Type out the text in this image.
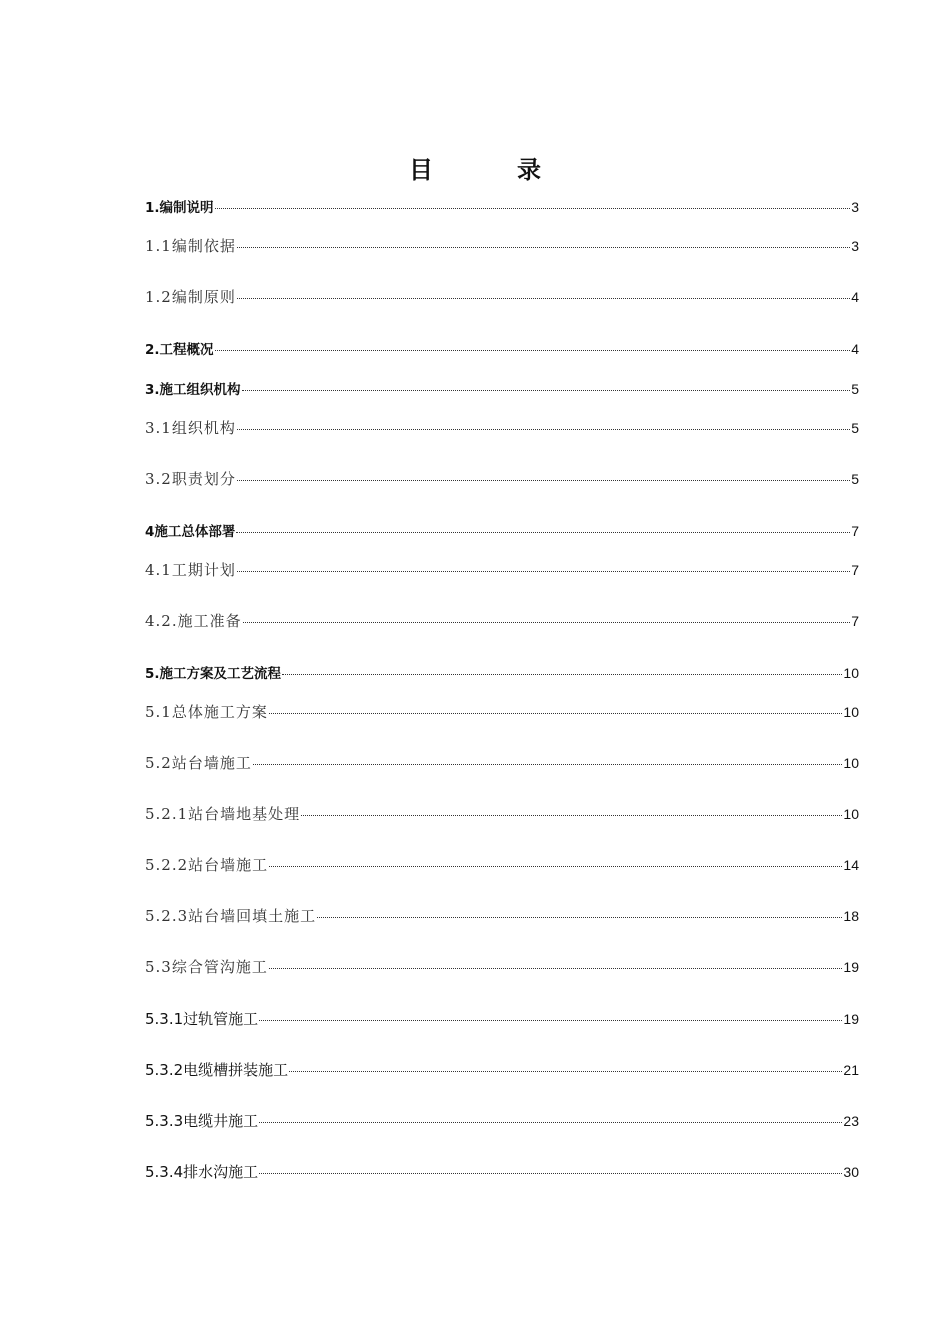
目　录
1.编制说明	3
1.1编制依据	3
1.2编制原则	4
2.工程概况	4
3.施工组织机构	5
3.1组织机构	5
3.2职责划分	5
4施工总体部署	7
4.1工期计划	7
4.2.施工准备	7
5.施工方案及工艺流程	10
5.1总体施工方案	10
5.2站台墙施工	10
5.2.1站台墙地基处理	10
5.2.2站台墙施工	14
5.2.3站台墙回填土施工	18
5.3综合管沟施工	19
5.3.1过轨管施工	19
5.3.2电缆槽拼装施工	21
5.3.3电缆井施工	23
5.3.4排水沟施工	30
